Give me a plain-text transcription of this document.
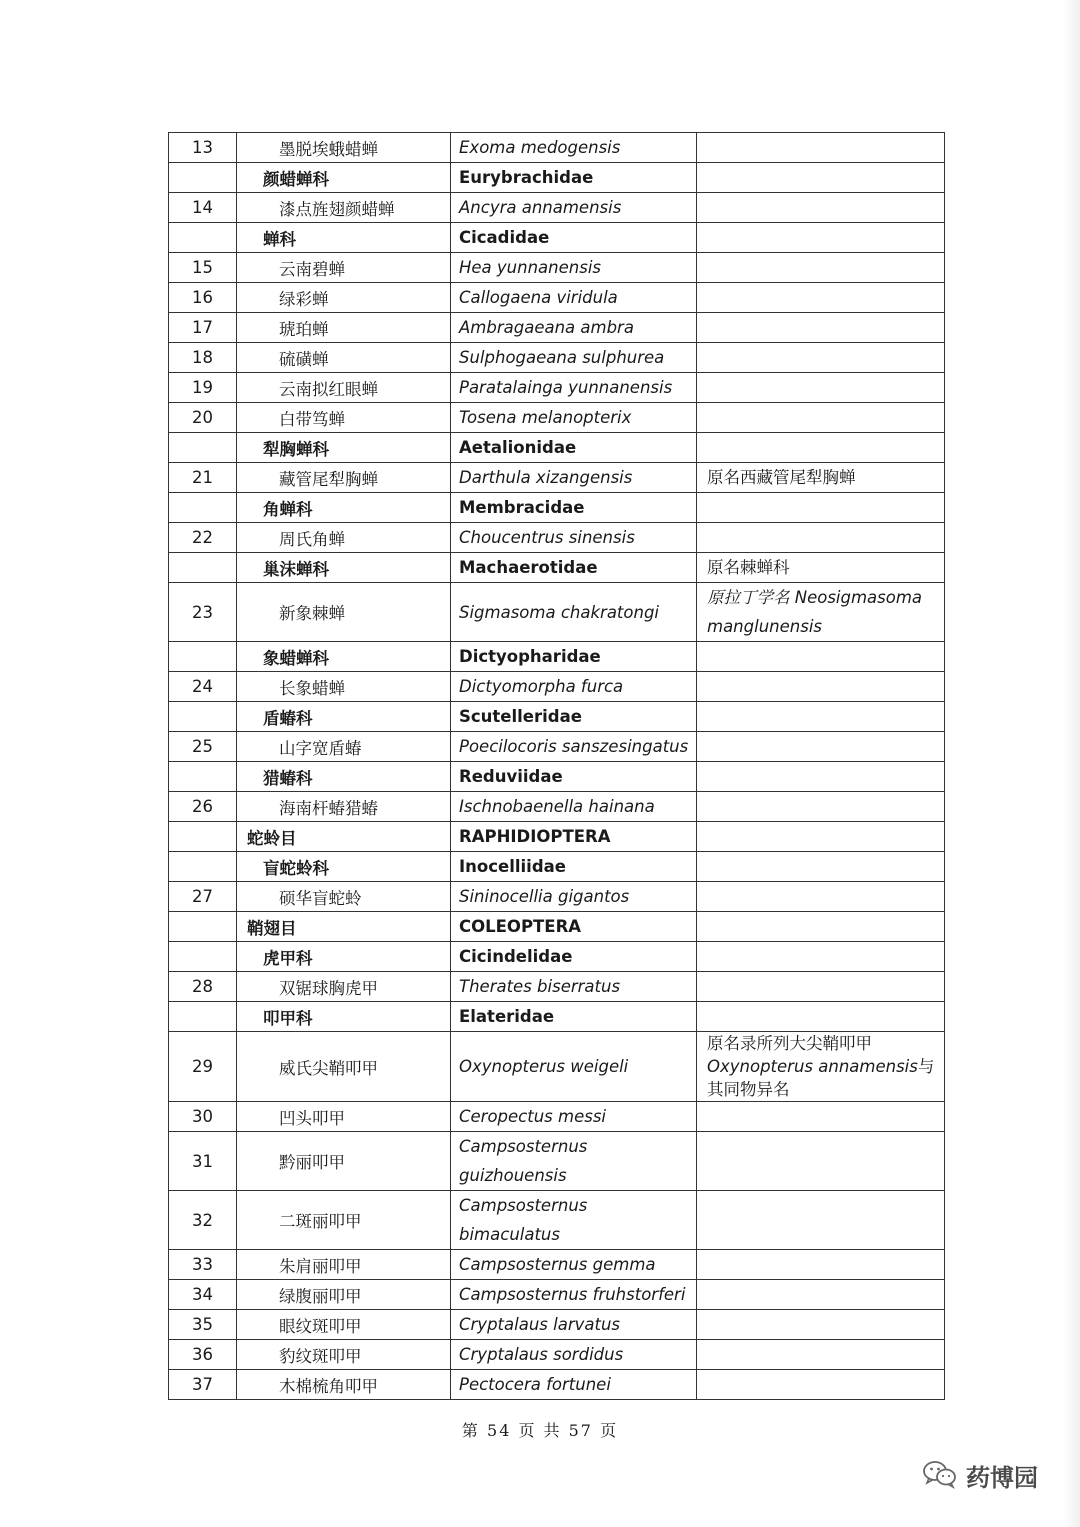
13	墨脱埃蛾蜡蝉	Exoma medogensis	
	颜蜡蝉科	Eurybrachidae	
14	漆点旌翅颜蜡蝉	Ancyra annamensis	
	蝉科	Cicadidae	
15	云南碧蝉	Hea yunnanensis	
16	绿彩蝉	Callogaena viridula	
17	琥珀蝉	Ambragaeana ambra	
18	硫磺蝉	Sulphogaeana sulphurea	
19	云南拟红眼蝉	Paratalainga yunnanensis	
20	白带笃蝉	Tosena melanopterix	
	犁胸蝉科	Aetalionidae	
21	藏管尾犁胸蝉	Darthula xizangensis	原名西藏管尾犁胸蝉
	角蝉科	Membracidae	
22	周氏角蝉	Choucentrus sinensis	
	巢沫蝉科	Machaerotidae	原名棘蝉科
23	新象棘蝉	Sigmasoma chakratongi	原拉丁学名 Neosigmasoma manglunensis
	象蜡蝉科	Dictyopharidae	
24	长象蜡蝉	Dictyomorpha furca	
	盾蝽科	Scutelleridae	
25	山字宽盾蝽	Poecilocoris sanszesingatus	
	猎蝽科	Reduviidae	
26	海南杆蝽猎蝽	Ischnobaenella hainana	
	蛇蛉目	RAPHIDIOPTERA	
	盲蛇蛉科	Inocelliidae	
27	硕华盲蛇蛉	Sininocellia gigantos	
	鞘翅目	COLEOPTERA	
	虎甲科	Cicindelidae	
28	双锯球胸虎甲	Therates biserratus	
	叩甲科	Elateridae	
29	威氏尖鞘叩甲	Oxynopterus weigeli	原名录所列大尖鞘叩甲
Oxynopterus annamensis与
其同物异名
30	凹头叩甲	Ceropectus messi	
31	黔丽叩甲	Campsosternus guizhouensis	
32	二斑丽叩甲	Campsosternus bimaculatus	
33	朱肩丽叩甲	Campsosternus gemma	
34	绿腹丽叩甲	Campsosternus fruhstorferi	
35	眼纹斑叩甲	Cryptalaus larvatus	
36	豹纹斑叩甲	Cryptalaus sordidus	
37	木棉梳角叩甲	Pectocera fortunei	
第 54 页 共 57 页
药博园
